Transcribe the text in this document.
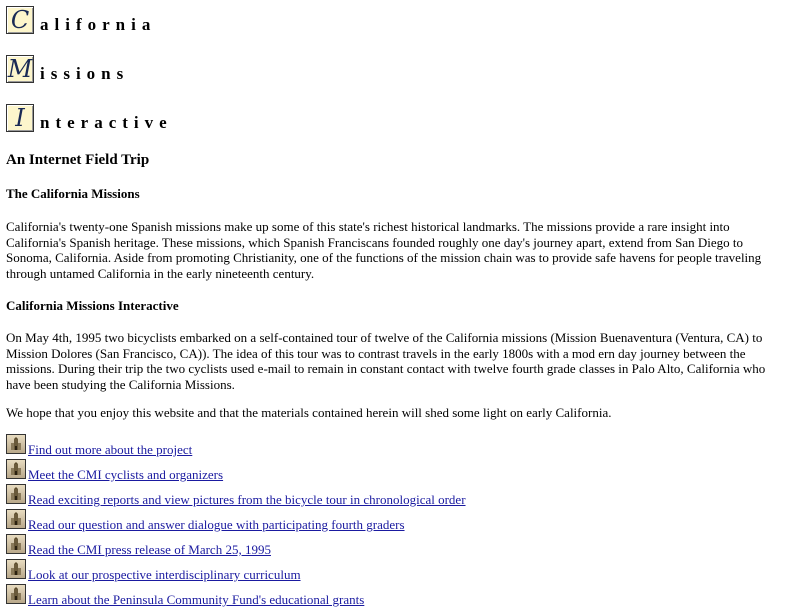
C alifornia
M issions
I nteractive
An Internet Field Trip
The California Missions
California's twenty-one Spanish missions make up some of this state's richest historical landmarks. The missions provide a rare insight into California's Spanish heritage. These missions, which Spanish Franciscans founded roughly one day's journey apart, extend from San Diego to Sonoma, California. Aside from promoting Christianity, one of the functions of the mission chain was to provide safe havens for people traveling through untamed California in the early nineteenth century.
California Missions Interactive
On May 4th, 1995 two bicyclists embarked on a self-contained tour of twelve of the California missions (Mission Buenaventura (Ventura, CA) to Mission Dolores (San Francisco, CA)). The idea of this tour was to contrast travels in the early 1800s with a mod ern day journey between the missions. During their trip the two cyclists used e-mail to remain in constant contact with twelve fourth grade classes in Palo Alto, California who have been studying the California Missions.
We hope that you enjoy this website and that the materials contained herein will shed some light on early California.
Find out more about the project
Meet the CMI cyclists and organizers
Read exciting reports and view pictures from the bicycle tour in chronological order
Read our question and answer dialogue with participating fourth graders
Read the CMI press release of March 25, 1995
Look at our prospective interdisciplinary curriculum
Learn about the Peninsula Community Fund's educational grants
